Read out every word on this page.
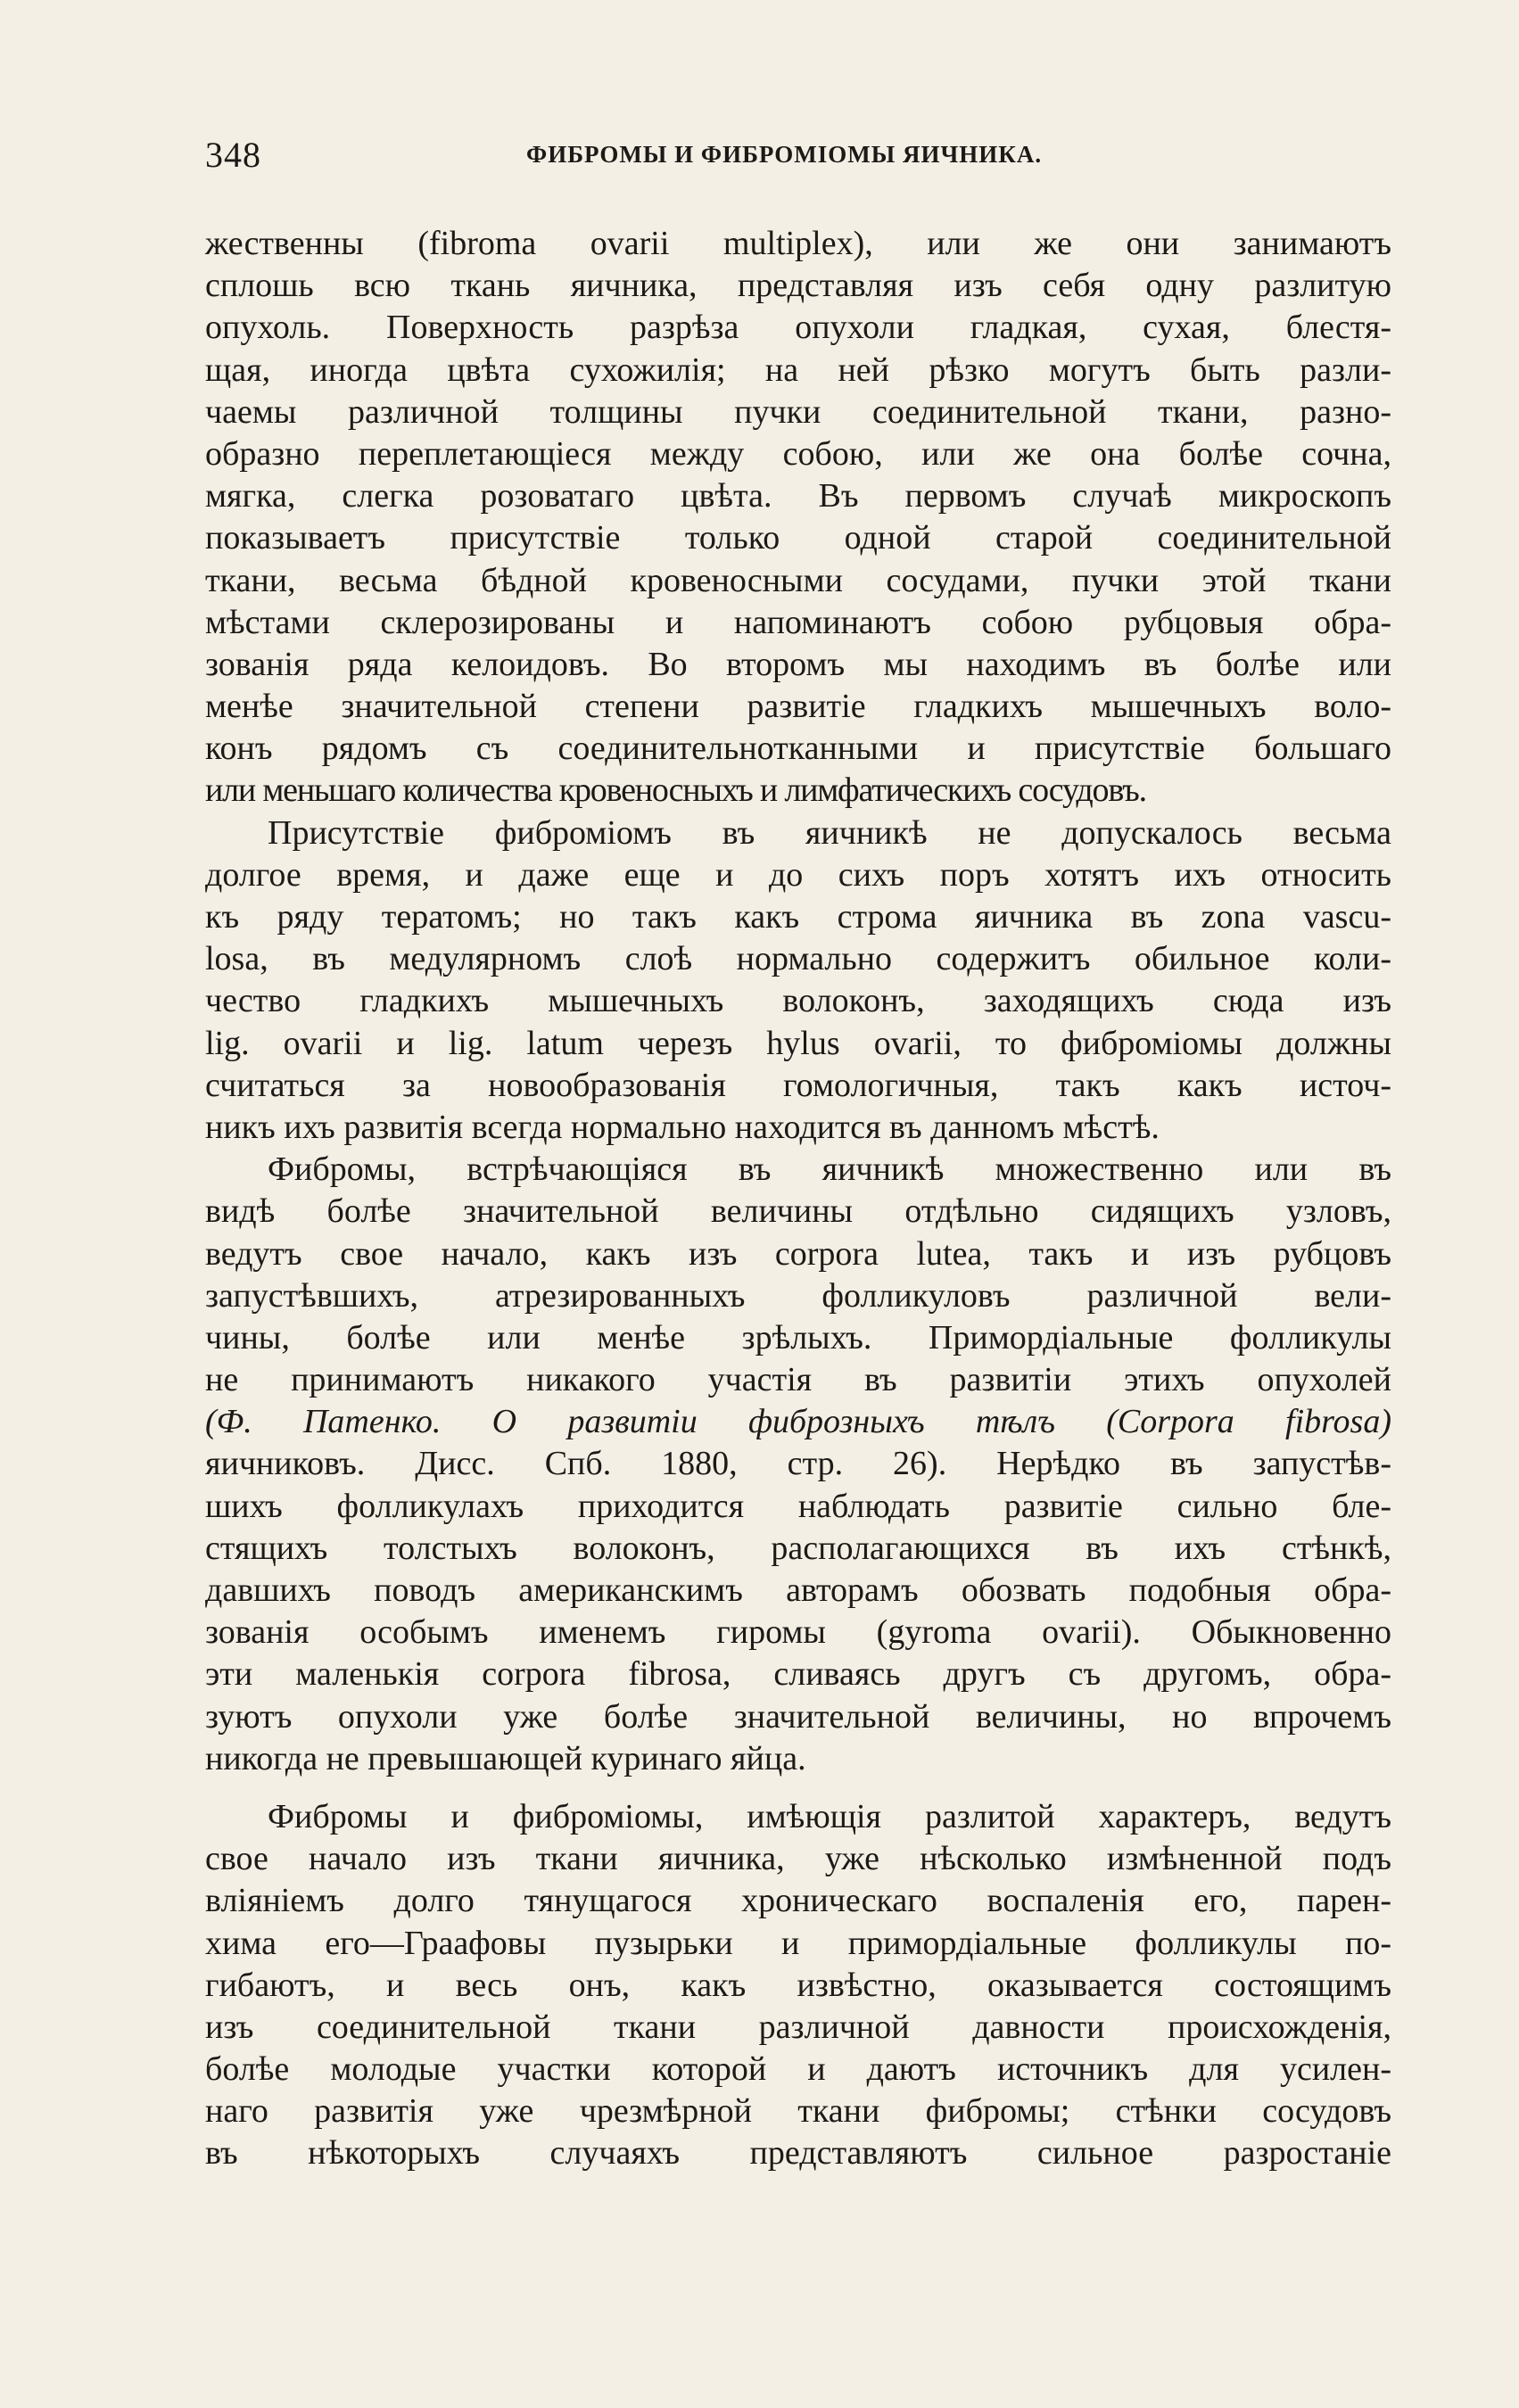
348	ФИБРОМЫ И ФИБРОМІОМЫ ЯИЧНИКА.
жественны (fibroma ovarii multiplex), или же они занимаютъ
сплошь всю ткань яичника, представляя изъ себя одну разлитую
опухоль. Поверхность разрѣза опухоли гладкая, сухая, блестя-
щая, иногда цвѣта сухожилія; на ней рѣзко могутъ быть разли-
чаемы различной толщины пучки соединительной ткани, разно-
образно переплетающіеся между собою, или же она болѣе сочна,
мягка, слегка розоватаго цвѣта. Въ первомъ случаѣ микроскопъ
показываетъ присутствіе только одной старой соединительной
ткани, весьма бѣдной кровеносными сосудами, пучки этой ткани
мѣстами склерозированы и напоминаютъ собою рубцовыя обра-
зованія ряда келоидовъ. Во второмъ мы находимъ въ болѣе или
менѣе значительной степени развитіе гладкихъ мышечныхъ воло-
конъ рядомъ съ соединительнотканными и присутствіе большаго
или меньшаго количества кровеносныхъ и лимфатическихъ сосудовъ.
Присутствіе фибромiомъ въ яичникѣ не допускалось весьма
долгое время, и даже еще и до сихъ поръ хотятъ ихъ относить
къ ряду тератомъ; но такъ какъ строма яичника въ zona vascu-
losa, въ медулярномъ слоѣ нормально содержитъ обильное коли-
чество гладкихъ мышечныхъ волоконъ, заходящихъ сюда изъ
lig. ovarii и lig. latum черезъ hylus ovarii, то фибромiомы должны
считаться за новообразованія гомологичныя, такъ какъ источ-
никъ ихъ развитія всегда нормально находится въ данномъ мѣстѣ.
Фибромы, встрѣчающіяся въ яичникѣ множественно или въ
видѣ болѣе значительной величины отдѣльно сидящихъ узловъ,
ведутъ свое начало, какъ изъ corpora lutea, такъ и изъ рубцовъ
запустѣвшихъ, атрезированныхъ фолликуловъ различной вели-
чины, болѣе или менѣе зрѣлыхъ. Примордіальные фолликулы
не принимаютъ никакого участія въ развитіи этихъ опухолей
(Ф. Патенко. О развитіи фиброзныхъ тѣлъ (Corpora fibrosa)
яичниковъ. Дисс. Спб. 1880, стр. 26). Нерѣдко въ запустѣв-
шихъ фолликулахъ приходится наблюдать развитіе сильно бле-
стящихъ толстыхъ волоконъ, располагающихся въ ихъ стѣнкѣ,
давшихъ поводъ американскимъ авторамъ обозвать подобныя обра-
зованія особымъ именемъ гиромы (gyroma ovarii). Обыкновенно
эти маленькія corpora fibrosa, сливаясь другъ съ другомъ, обра-
зуютъ опухоли уже болѣе значительной величины, но впрочемъ
никогда не превышающей куринаго яйца.
Фибромы и фибромiомы, имѣющія разлитой характеръ, ведутъ
свое начало изъ ткани яичника, уже нѣсколько измѣненной подъ
вліяніемъ долго тянущагося хроническаго воспаленія его, парен-
хима его—Граафовы пузырьки и примордіальные фолликулы по-
гибаютъ, и весь онъ, какъ извѣстно, оказывается состоящимъ
изъ соединительной ткани различной давности происхожденія,
болѣе молодые участки которой и даютъ источникъ для усилен-
наго развитія уже чрезмѣрной ткани фибромы; стѣнки сосудовъ
въ нѣкоторыхъ случаяхъ представляютъ сильное разростаніе
